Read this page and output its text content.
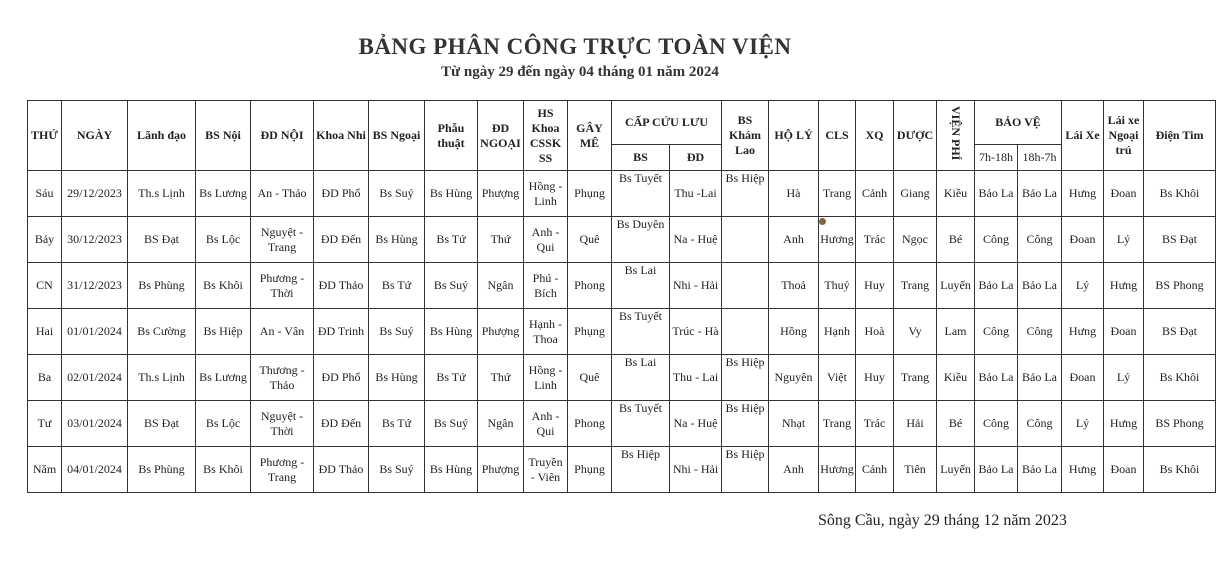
BẢNG PHÂN CÔNG TRỰC TOÀN VIỆN
Từ ngày 29 đến ngày 04 tháng 01 năm 2024
THỨ	NGÀY	Lãnh đạo	BS Nội	ĐD NỘI	Khoa Nhi	BS Ngoại	Phẫu thuật	ĐD NGOẠI	HS Khoa CSSK SS	GÂY MÊ	CẤP CỨU LƯU		BS Khám Lao	HỘ LÝ	CLS	XQ	DƯỢC	VIỆN PHÍ	BẢO VỆ		Lái Xe	Lái xe Ngoại trú	Điện Tim
											BS	ĐD							7h-18h	18h-7h			
Sáu	29/12/2023	Th.s Lịnh	Bs Lương	An - Thảo	ĐD Phố	Bs Suý	Bs Hùng	Phượng	Hồng - Linh	Phụng	Bs Tuyết	Thu -Lai	Bs Hiệp	Hà	Trang	Cảnh	Giang	Kiều	Bảo La	Bảo La	Hưng	Đoan	Bs Khôi
Bảy	30/12/2023	BS Đạt	Bs Lộc	Nguyệt - Trang	ĐD Đến	Bs Hùng	Bs Tứ	Thứ	Anh - Qui	Quê	Bs Duyên	Na - Huệ		Anh	Hương	Trác	Ngọc	Bé	Công	Công	Đoan	Lý	BS Đạt
CN	31/12/2023	Bs Phùng	Bs Khôi	Phương - Thời	ĐD Thảo	Bs Tứ	Bs Suý	Ngân	Phú - Bích	Phong	Bs Lai	Nhi - Hải		Thoả	Thuý	Huy	Trang	Luyến	Bảo La	Bảo La	Lý	Hưng	BS Phong
Hai	01/01/2024	Bs Cường	Bs Hiệp	An - Vân	ĐD Trinh	Bs Suý	Bs Hùng	Phượng	Hạnh - Thoa	Phụng	Bs Tuyết	Trúc - Hà		Hồng	Hạnh	Hoà	Vy	Lam	Công	Công	Hưng	Đoan	BS Đạt
Ba	02/01/2024	Th.s Lịnh	Bs Lương	Thương - Thảo	ĐD Phố	Bs Hùng	Bs Tứ	Thứ	Hồng - Linh	Quê	Bs Lai	Thu - Lai	Bs Hiệp	Nguyên	Việt	Huy	Trang	Kiều	Bảo La	Bảo La	Đoan	Lý	Bs Khôi
Tư	03/01/2024	BS Đạt	Bs Lộc	Nguyệt - Thời	ĐD Đến	Bs Tứ	Bs Suý	Ngân	Anh - Qui	Phong	Bs Tuyết	Na - Huệ	Bs Hiệp	Nhạt	Trang	Trác	Hải	Bé	Công	Công	Lý	Hưng	BS Phong
Năm	04/01/2024	Bs Phùng	Bs Khôi	Phương - Trang	ĐD Thảo	Bs Suý	Bs Hùng	Phượng	Truyền - Viên	Phụng	Bs Hiệp	Nhi - Hải	Bs Hiệp	Anh	Hương	Cảnh	Tiên	Luyến	Bảo La	Bảo La	Hưng	Đoan	Bs Khôi
Sông Cầu, ngày 29 tháng 12 năm 2023
